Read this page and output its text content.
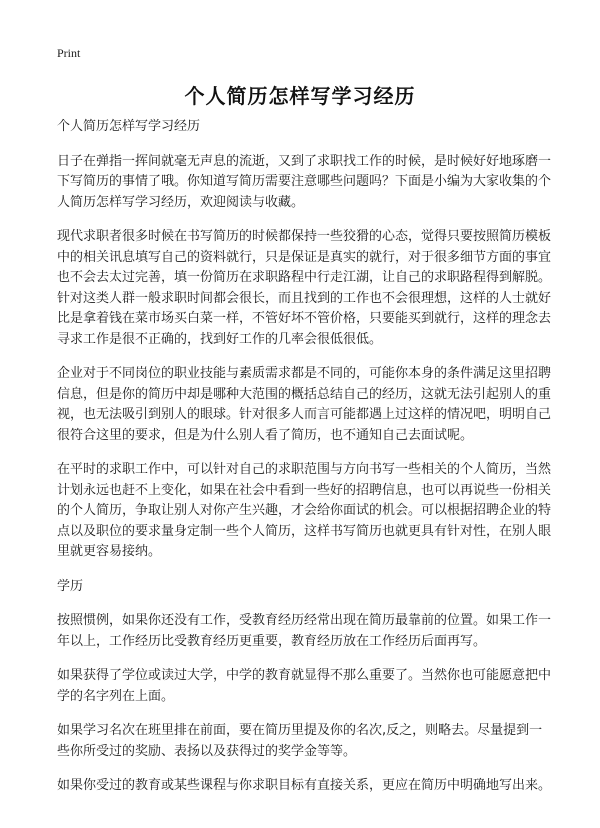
Print
个人简历怎样写学习经历

个人简历怎样写学习经历

日子在弹指一挥间就毫无声息的流逝，又到了求职找工作的时候，是时候好好地琢磨一下写简历的事情了哦。你知道写简历需要注意哪些问题吗？下面是小编为大家收集的个人简历怎样写学习经历，欢迎阅读与收藏。

现代求职者很多时候在书写简历的时候都保持一些狡猾的心态，觉得只要按照简历模板中的相关讯息填写自己的资料就行，只是保证是真实的就行，对于很多细节方面的事宜也不会去太过完善，填一份简历在求职路程中行走江湖，让自己的求职路程得到解脱。针对这类人群一般求职时间都会很长，而且找到的工作也不会很理想，这样的人士就好比是拿着钱在菜市场买白菜一样，不管好坏不管价格，只要能买到就行，这样的理念去寻求工作是很不正确的，找到好工作的几率会很低很低。

企业对于不同岗位的职业技能与素质需求都是不同的，可能你本身的条件满足这里招聘信息，但是你的简历中却是哪种大范围的概括总结自己的经历，这就无法引起别人的重视，也无法吸引到别人的眼球。针对很多人而言可能都遇上过这样的情况吧，明明自己很符合这里的要求，但是为什么别人看了简历，也不通知自己去面试呢。

在平时的求职工作中，可以针对自己的求职范围与方向书写一些相关的个人简历，当然计划永远也赶不上变化，如果在社会中看到一些好的招聘信息，也可以再说些一份相关的个人简历，争取让别人对你产生兴趣，才会给你面试的机会。可以根据招聘企业的特点以及职位的要求量身定制一些个人简历，这样书写简历也就更具有针对性，在别人眼里就更容易接纳。

学历

按照惯例，如果你还没有工作，受教育经历经常出现在简历最靠前的位置。如果工作一年以上，工作经历比受教育经历更重要，教育经历放在工作经历后面再写。

如果获得了学位或读过大学，中学的教育就显得不那么重要了。当然你也可能愿意把中学的名字列在上面。

如果学习名次在班里排在前面，要在简历里提及你的名次,反之，则略去。尽量提到一些你所受过的奖励、表扬以及获得过的奖学金等等。

如果你受过的教育或某些课程与你求职目标有直接关系，更应在简历中明确地写出来。
